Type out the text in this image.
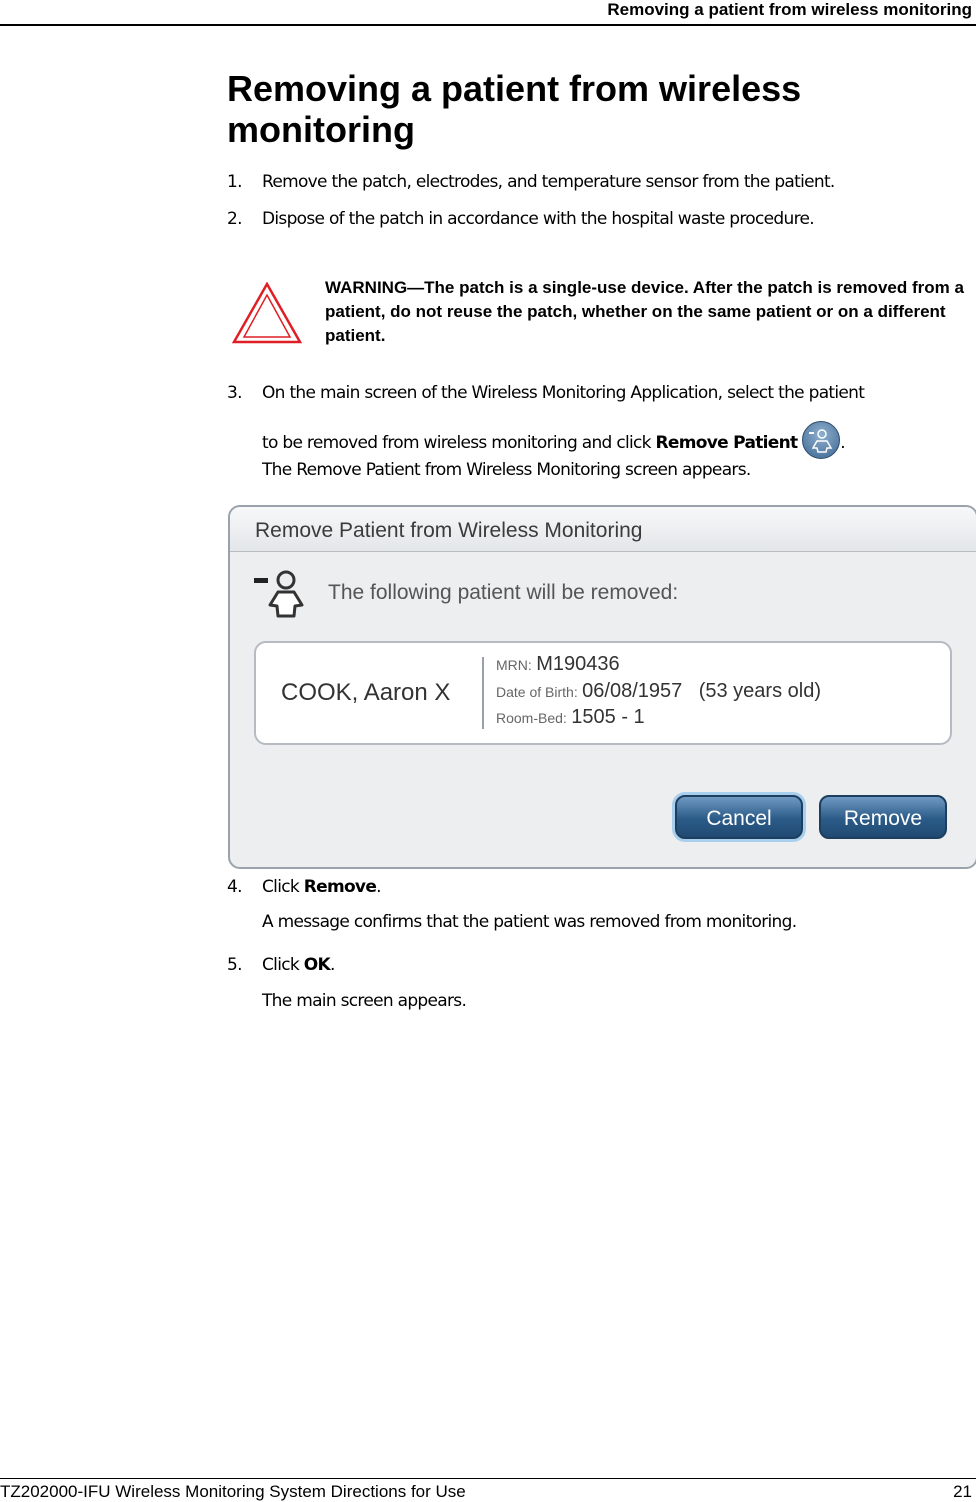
Removing a patient from wireless monitoring
Removing a patient from wireless monitoring
1. Remove the patch, electrodes, and temperature sensor from the patient.
2. Dispose of the patch in accordance with the hospital waste procedure.
WARNING—The patch is a single-use device. After the patch is removed from a patient, do not reuse the patch, whether on the same patient or on a different patient.
3. On the main screen of the Wireless Monitoring Application, select the patient
to be removed from wireless monitoring and click Remove Patient	.
The Remove Patient from Wireless Monitoring screen appears.
Remove Patient from Wireless Monitoring
The following patient will be removed:
COOK, Aaron X
MRN: M190436
Date of Birth: 06/08/1957 (53 years old)
Room-Bed: 1505 - 1
Cancel	Remove
4. Click Remove.
A message confirms that the patient was removed from monitoring.
5. Click OK.
The main screen appears.
TZ202000-IFU Wireless Monitoring System Directions for Use	21
